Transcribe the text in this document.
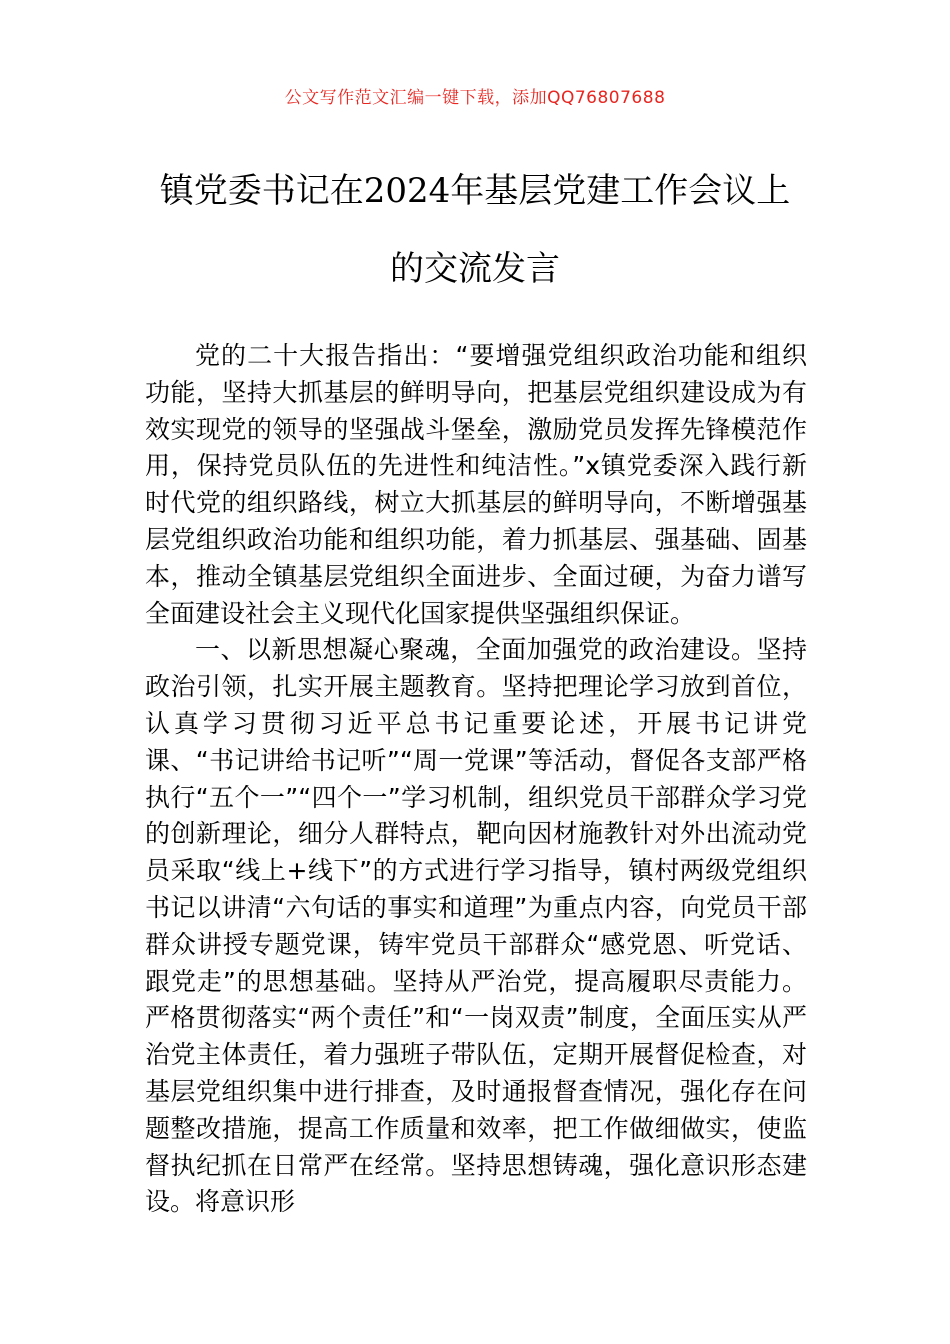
公文写作范文汇编一键下载，添加QQ76807688
镇党委书记在2024年基层党建工作会议上
的交流发言

党的二十大报告指出：“要增强党组织政治功能和组织功能，坚持大抓基层的鲜明导向，把基层党组织建设成为有效实现党的领导的坚强战斗堡垒，激励党员发挥先锋模范作用，保持党员队伍的先进性和纯洁性。”x镇党委深入践行新时代党的组织路线，树立大抓基层的鲜明导向，不断增强基层党组织政治功能和组织功能，着力抓基层、强基础、固基本，推动全镇基层党组织全面进步、全面过硬，为奋力谱写全面建设社会主义现代化国家提供坚强组织保证。

一、以新思想凝心聚魂，全面加强党的政治建设。坚持政治引领，扎实开展主题教育。坚持把理论学习放到首位，认真学习贯彻习近平总书记重要论述，开展书记讲党课、“书记讲给书记听”“周一党课”等活动，督促各支部严格执行“五个一”“四个一”学习机制，组织党员干部群众学习党的创新理论，细分人群特点，靶向因材施教针对外出流动党员采取“线上+线下”的方式进行学习指导，镇村两级党组织书记以讲清“六句话的事实和道理”为重点内容，向党员干部群众讲授专题党课，铸牢党员干部群众“感党恩、听党话、跟党走”的思想基础。坚持从严治党，提高履职尽责能力。严格贯彻落实“两个责任”和“一岗双责”制度，全面压实从严治党主体责任，着力强班子带队伍，定期开展督促检查，对基层党组织集中进行排查，及时通报督查情况，强化存在问题整改措施，提高工作质量和效率，把工作做细做实，使监督执纪抓在日常严在经常。坚持思想铸魂，强化意识形态建设。将意识形
